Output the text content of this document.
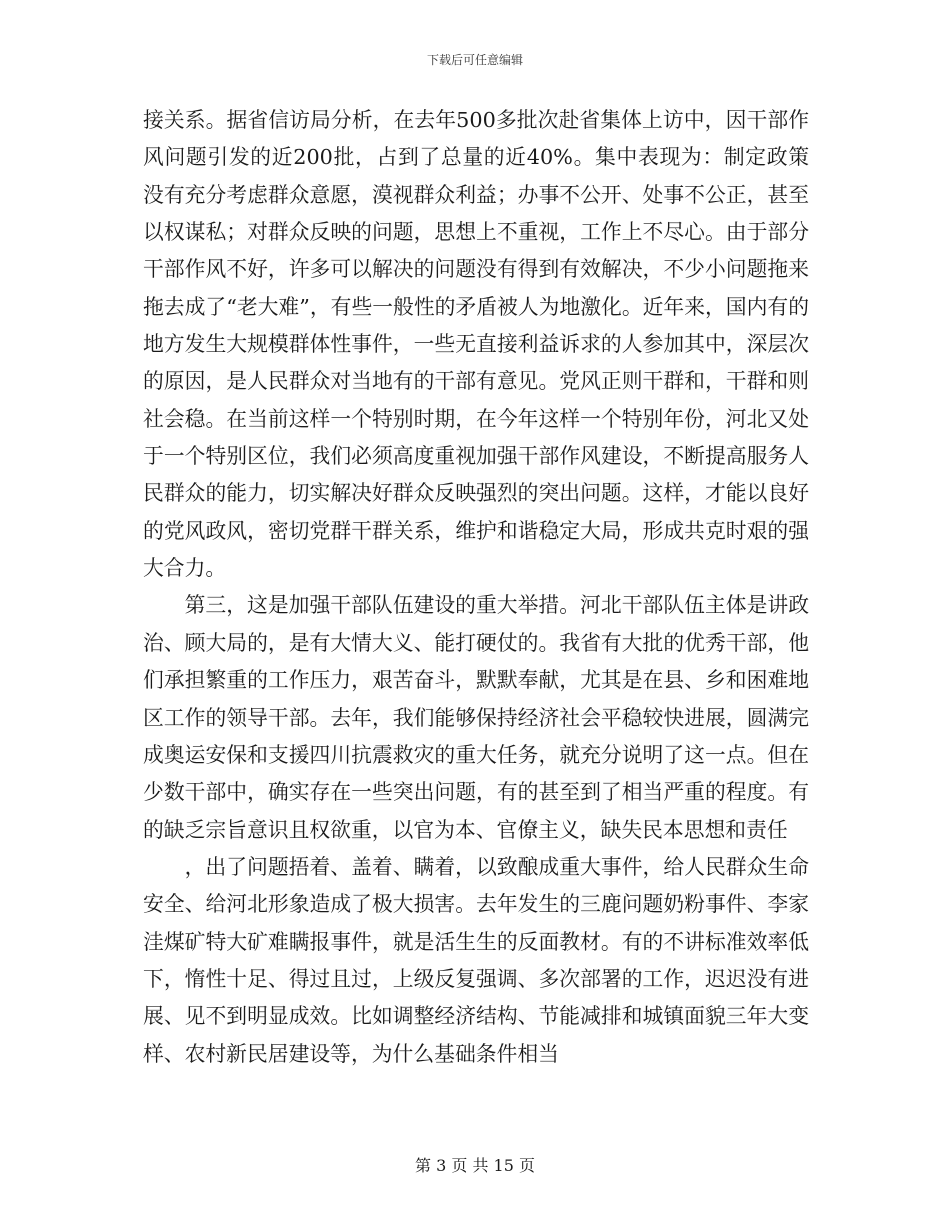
下载后可任意编辑

接关系。据省信访局分析，在去年500多批次赴省集体上访中，因干部作风问题引发的近200批，占到了总量的近40%。集中表现为：制定政策没有充分考虑群众意愿，漠视群众利益；办事不公开、处事不公正，甚至以权谋私；对群众反映的问题，思想上不重视，工作上不尽心。由于部分干部作风不好，许多可以解决的问题没有得到有效解决，不少小问题拖来拖去成了“老大难”，有些一般性的矛盾被人为地激化。近年来，国内有的地方发生大规模群体性事件，一些无直接利益诉求的人参加其中，深层次的原因，是人民群众对当地有的干部有意见。党风正则干群和，干群和则社会稳。在当前这样一个特别时期，在今年这样一个特别年份，河北又处于一个特别区位，我们必须高度重视加强干部作风建设，不断提高服务人民群众的能力，切实解决好群众反映强烈的突出问题。这样，才能以良好的党风政风，密切党群干群关系，维护和谐稳定大局，形成共克时艰的强大合力。

第三，这是加强干部队伍建设的重大举措。河北干部队伍主体是讲政治、顾大局的，是有大情大义、能打硬仗的。我省有大批的优秀干部，他们承担繁重的工作压力，艰苦奋斗，默默奉献，尤其是在县、乡和困难地区工作的领导干部。去年，我们能够保持经济社会平稳较快进展，圆满完成奥运安保和支援四川抗震救灾的重大任务，就充分说明了这一点。但在少数干部中，确实存在一些突出问题，有的甚至到了相当严重的程度。有的缺乏宗旨意识且权欲重，以官为本、官僚主义，缺失民本思想和责任

，出了问题捂着、盖着、瞒着，以致酿成重大事件，给人民群众生命安全、给河北形象造成了极大损害。去年发生的三鹿问题奶粉事件、李家洼煤矿特大矿难瞒报事件，就是活生生的反面教材。有的不讲标准效率低下，惰性十足、得过且过，上级反复强调、多次部署的工作，迟迟没有进展、见不到明显成效。比如调整经济结构、节能减排和城镇面貌三年大变样、农村新民居建设等，为什么基础条件相当

第 3 页 共 15 页
